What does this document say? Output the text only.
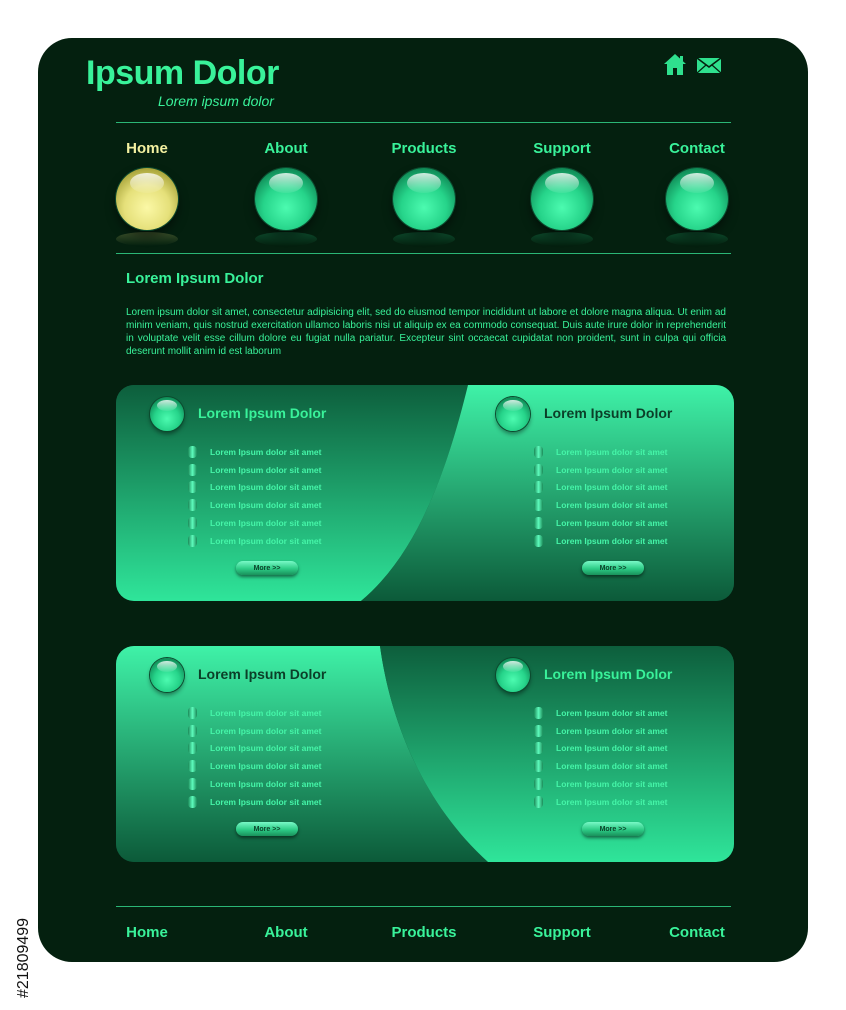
Ipsum Dolor
Lorem ipsum dolor
Home	About	Products	Support	Contact
Lorem Ipsum Dolor

Lorem ipsum dolor sit amet, consectetur adipisicing elit, sed do eiusmod tempor incididunt ut labore et dolore magna aliqua. Ut enim ad minim veniam, quis nostrud exercitation ullamco laboris nisi ut aliquip ex ea commodo consequat. Duis aute irure dolor in reprehenderit in voluptate velit esse cillum dolore eu fugiat nulla pariatur. Excepteur sint occaecat cupidatat non proident, sunt in culpa qui officia deserunt mollit anim id est laborum

Lorem Ipsum Dolor
Lorem Ipsum dolor sit amet
Lorem Ipsum dolor sit amet
Lorem Ipsum dolor sit amet
Lorem Ipsum dolor sit amet
Lorem Ipsum dolor sit amet
Lorem Ipsum dolor sit amet
More >>
Lorem Ipsum Dolor
Lorem Ipsum dolor sit amet
Lorem Ipsum dolor sit amet
Lorem Ipsum dolor sit amet
Lorem Ipsum dolor sit amet
Lorem Ipsum dolor sit amet
Lorem Ipsum dolor sit amet
More >>
Lorem Ipsum Dolor
Lorem Ipsum dolor sit amet
Lorem Ipsum dolor sit amet
Lorem Ipsum dolor sit amet
Lorem Ipsum dolor sit amet
Lorem Ipsum dolor sit amet
Lorem Ipsum dolor sit amet
More >>
Lorem Ipsum Dolor
Lorem Ipsum dolor sit amet
Lorem Ipsum dolor sit amet
Lorem Ipsum dolor sit amet
Lorem Ipsum dolor sit amet
Lorem Ipsum dolor sit amet
Lorem Ipsum dolor sit amet
More >>
Home	About	Products	Support	Contact
#21809499
